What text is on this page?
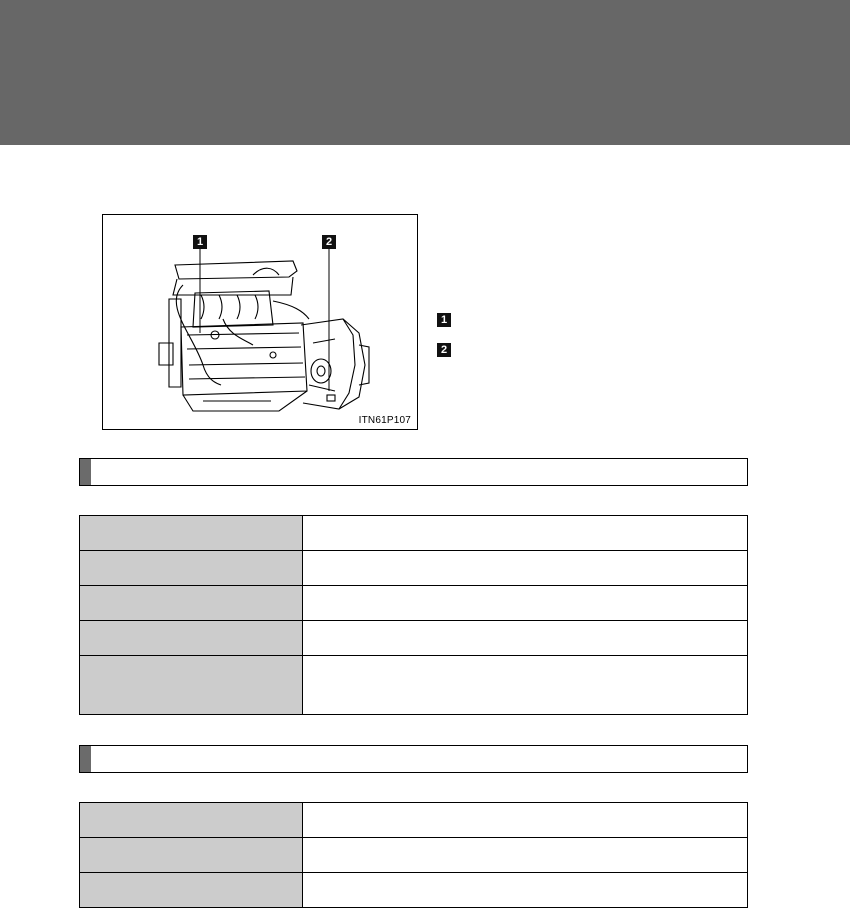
1	2
ITN61P107
1
2
